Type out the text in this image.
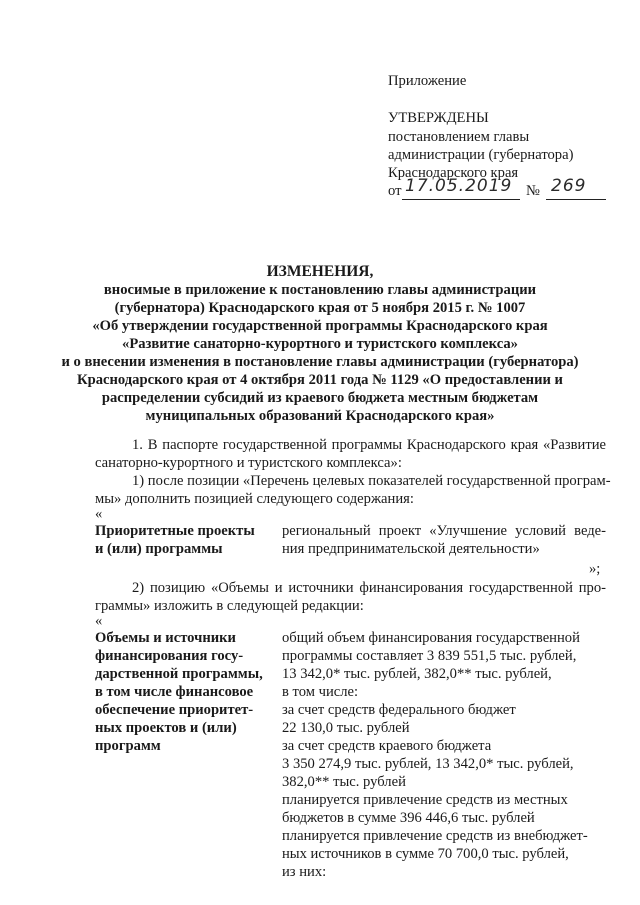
Приложение
УТВЕРЖДЕНЫ
постановлением главы
администрации (губернатора)
Краснодарского края
от 17.05.2019 № 269
ИЗМЕНЕНИЯ,
вносимые в приложение к постановлению главы администрации
(губернатора) Краснодарского края от 5 ноября 2015 г. № 1007
«Об утверждении государственной программы Краснодарского края
«Развитие санаторно-курортного и туристского комплекса»
и о внесении изменения в постановление главы администрации (губернатора)
Краснодарского края от 4 октября 2011 года № 1129 «О предоставлении и
распределении субсидий из краевого бюджета местным бюджетам
муниципальных образований Краснодарского края»
1. В паспорте государственной программы Краснодарского края «Развитие
санаторно-курортного и туристского комплекса»:
1) после позиции «Перечень целевых показателей государственной програм-
мы» дополнить позицией следующего содержания:
«
Приоритетные проекты
и (или) программы
региональный проект «Улучшение условий веде-
ния предпринимательской деятельности»
»;
2) позицию «Объемы и источники финансирования государственной про-
граммы» изложить в следующей редакции:
«
Объемы и источники
финансирования госу-
дарственной программы,
в том числе финансовое
обеспечение приоритет-
ных проектов и (или)
программ
общий объем финансирования государственной
программы составляет 3 839 551,5 тыс. рублей,
13 342,0* тыс. рублей, 382,0** тыс. рублей,
в том числе:
за счет средств федерального бюджет
22 130,0 тыс. рублей
за счет средств краевого бюджета
3 350 274,9 тыс. рублей, 13 342,0* тыс. рублей,
382,0** тыс. рублей
планируется привлечение средств из местных
бюджетов в сумме 396 446,6 тыс. рублей
планируется привлечение средств из внебюджет-
ных источников в сумме 70 700,0 тыс. рублей,
из них:
